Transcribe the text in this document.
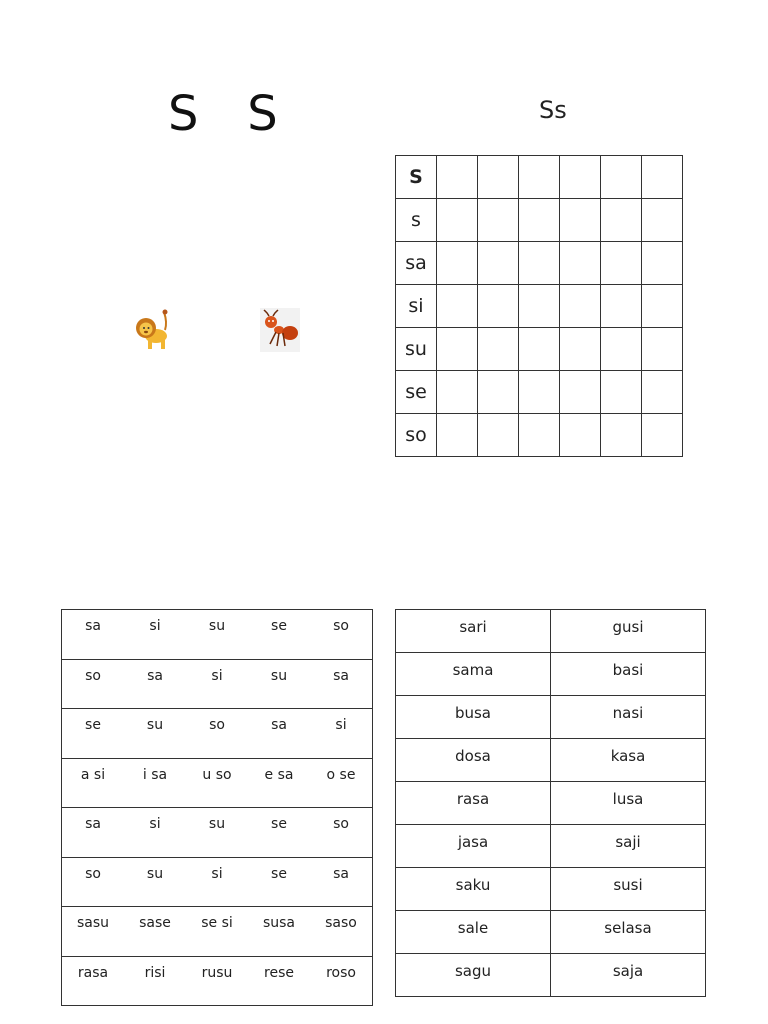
S S	Ss
S						
s						
sa						
si						
su						
se						
so						
sa	si	su	se	so

so	sa	si	su	sa

se	su	so	sa	si

a si	i sa	u so	e sa	o se

sa	si	su	se	so

so	su	si	se	sa

sasu	sase	se si	susa	saso

rasa	risi	rusu	rese	roso
sari	gusi
sama	basi
busa	nasi
dosa	kasa
rasa	lusa
jasa	saji
saku	susi
sale	selasa
sagu	saja
